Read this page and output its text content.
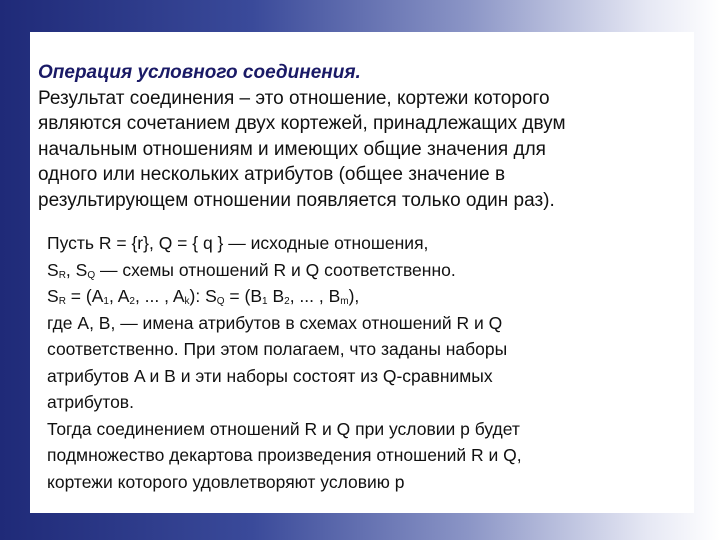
Операция условного соединения.
Результат соединения – это отношение, кортежи которого
являются сочетанием двух кортежей, принадлежащих двум
начальным отношениям и имеющих общие значения для
одного или нескольких атрибутов (общее значение в
результирующем отношении появляется только один раз).
Пусть R = {r}, Q = { q } — исходные отношения,
$S_R$, $S_Q$ — схемы отношений R и Q соответственно.
$S_R = (A_1$, $A_2$, ... , $A_k$): $S_Q = (B_1$ $B_2$, ... , $B_m$),
где A, B, — имена атрибутов в схемах отношений R и Q
соответственно. При этом полагаем, что заданы наборы
атрибутов A и B и эти наборы состоят из Q-сравнимых
атрибутов.
Тогда соединением отношений R и Q при условии p будет
подмножество декартова произведения отношений R и Q,
кортежи которого удовлетворяют условию p
